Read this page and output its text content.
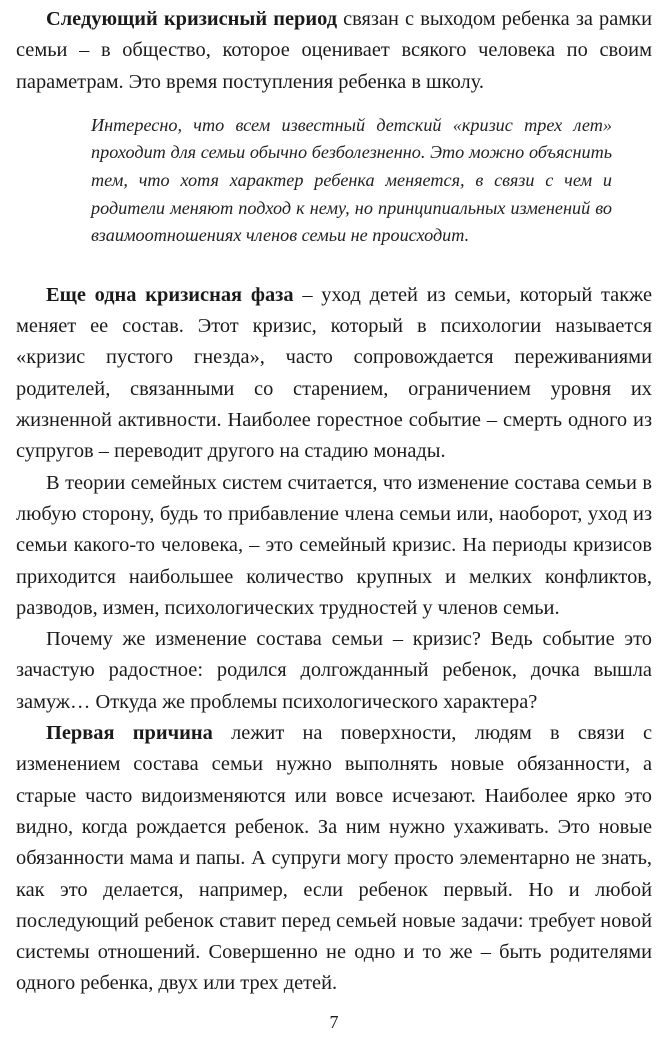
Следующий кризисный период связан с выходом ребенка за рамки семьи – в общество, которое оценивает всякого человека по своим параметрам. Это время поступления ребенка в школу.

Интересно, что всем известный детский «кризис трех лет» проходит для семьи обычно безболезненно. Это можно объяснить тем, что хотя характер ребенка меняется, в связи с чем и родители меняют подход к нему, но принципиальных изменений во взаимоотношениях членов семьи не происходит.

Еще одна кризисная фаза – уход детей из семьи, который также меняет ее состав. Этот кризис, который в психологии называется «кризис пустого гнезда», часто сопровождается переживаниями родителей, связанными со старением, ограничением уровня их жизненной активности. Наиболее горестное событие – смерть одного из супругов – переводит другого на стадию монады.

В теории семейных систем считается, что изменение состава семьи в любую сторону, будь то прибавление члена семьи или, наоборот, уход из семьи какого-то человека, – это семейный кризис. На периоды кризисов приходится наибольшее количество крупных и мелких конфликтов, разводов, измен, психологических трудностей у членов семьи.

Почему же изменение состава семьи – кризис? Ведь событие это зачастую радостное: родился долгожданный ребенок, дочка вышла замуж… Откуда же проблемы психологического характера?

Первая причина лежит на поверхности, людям в связи с изменением состава семьи нужно выполнять новые обязанности, а старые часто видоизменяются или вовсе исчезают. Наиболее ярко это видно, когда рождается ребенок. За ним нужно ухаживать. Это новые обязанности мама и папы. А супруги могу просто элементарно не знать, как это делается, например, если ребенок первый. Но и любой последующий ребенок ставит перед семьей новые задачи: требует новой системы отношений. Совершенно не одно и то же – быть родителями одного ребенка, двух или трех детей.

7
